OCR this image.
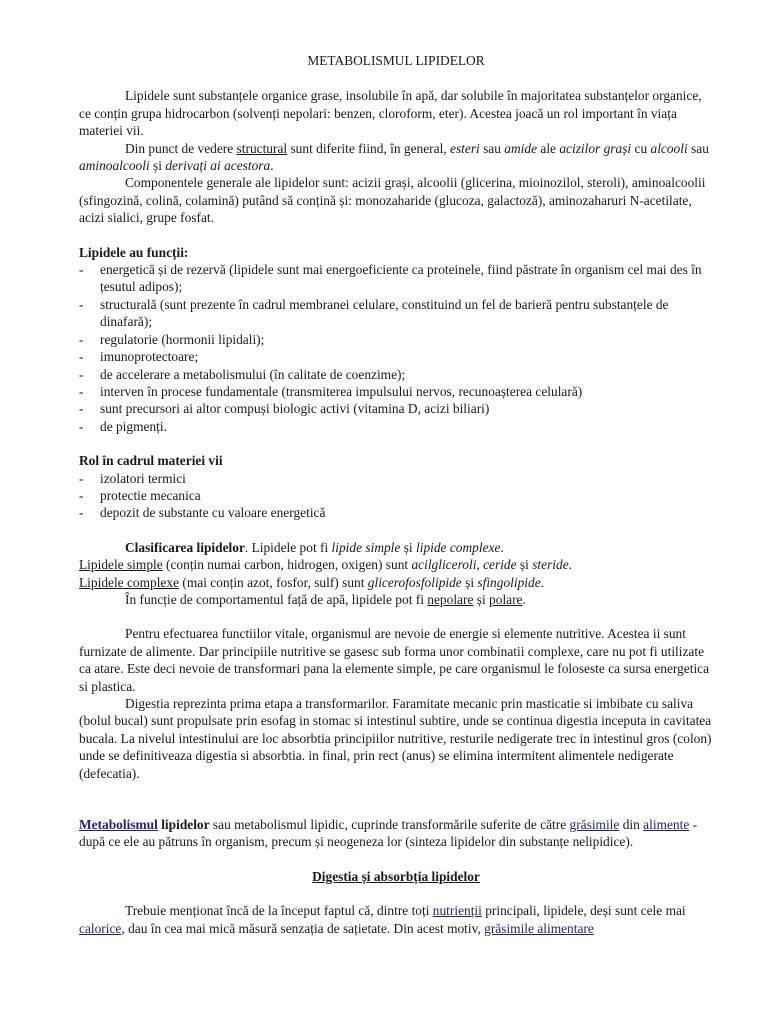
METABOLISMUL LIPIDELOR

Lipidele sunt substanțele organice grase, insolubile în apă, dar solubile în majoritatea substanțelor organice, ce conțin grupa hidrocarbon (solvenți nepolari: benzen, cloroform, eter). Acestea joacă un rol important în viața materiei vii.

Din punct de vedere structural sunt diferite fiind, în general, esteri sau amide ale acizilor grași cu alcooli sau aminoalcooli și derivați ai acestora.

Componentele generale ale lipidelor sunt: acizii grași, alcoolii (glicerina, mioinozilol, steroli), aminoalcoolii (sfingozină, colină, colamină) putând să conțină și: monozaharide (glucoza, galactoză), aminozaharuri N-acetilate, acizi sialici, grupe fosfat.

Lipidele au funcții:

- energetică și de rezervă (lipidele sunt mai energoeficiente ca proteinele, fiind păstrate în organism cel mai des în țesutul adipos);

- structurală (sunt prezente în cadrul membranei celulare, constituind un fel de barieră pentru substanțele de dinafară);

- regulatorie (hormonii lipidali);

- imunoprotectoare;

- de accelerare a metabolismului (în calitate de coenzime);

- interven în procese fundamentale (transmiterea impulsului nervos, recunoașterea celulară)

- sunt precursori ai altor compuși biologic activi (vitamina D, acizi biliari)

- de pigmenți.

Rol în cadrul materiei vii

- izolatori termici

- protectie mecanica

- depozit de substante cu valoare energetică

Clasificarea lipidelor. Lipidele pot fi lipide simple și lipide complexe.

Lipidele simple (conțin numai carbon, hidrogen, oxigen) sunt acilgliceroli, ceride și steride.

Lipidele complexe (mai conțin azot, fosfor, sulf) sunt glicerofosfolipide și sfingolipide.

În funcție de comportamentul față de apă, lipidele pot fi nepolare și polare.

Pentru efectuarea functiilor vitale, organismul are nevoie de energie si elemente nutritive. Acestea ii sunt furnizate de alimente. Dar principiile nutritive se gasesc sub forma unor combinatii complexe, care nu pot fi utilizate ca atare. Este deci nevoie de transformari pana la elemente simple, pe care organismul le foloseste ca sursa energetica si plastica.

Digestia reprezinta prima etapa a transformarilor. Faramitate mecanic prin masticatie si imbibate cu saliva (bolul bucal) sunt propulsate prin esofag in stomac si intestinul subtire, unde se continua digestia inceputa in cavitatea bucala. La nivelul intestinului are loc absorbtia principiilor nutritive, resturile nedigerate trec in intestinul gros (colon) unde se definitiveaza digestia si absorbtia. in final, prin rect (anus) se elimina intermitent alimentele nedigerate (defecatia).

Metabolismul lipidelor sau metabolismul lipidic, cuprinde transformările suferite de către grăsimile din alimente - după ce ele au pătruns în organism, precum și neogeneza lor (sinteza lipidelor din substanțe nelipidice).

Digestia și absorbția lipidelor

Trebuie menționat încă de la început faptul că, dintre toți nutrienții principali, lipidele, deși sunt cele mai calorice, dau în cea mai mică măsură senzația de sațietate. Din acest motiv, grăsimile alimentare
